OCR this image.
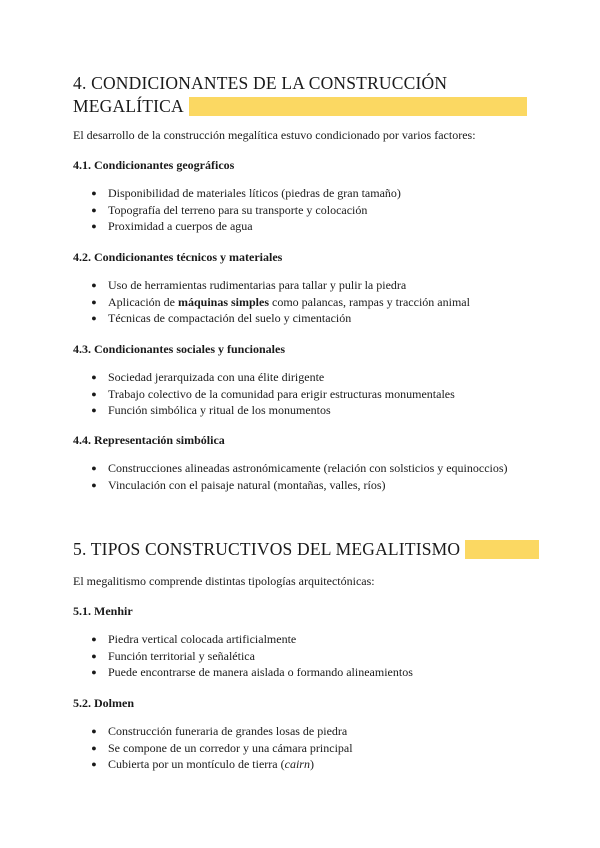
4. CONDICIONANTES DE LA CONSTRUCCIÓN
MEGALÍTICA
El desarrollo de la construcción megalítica estuvo condicionado por varios factores:
4.1. Condicionantes geográficos
● Disponibilidad de materiales líticos (piedras de gran tamaño)
● Topografía del terreno para su transporte y colocación
● Proximidad a cuerpos de agua
4.2. Condicionantes técnicos y materiales
● Uso de herramientas rudimentarias para tallar y pulir la piedra
● Aplicación de máquinas simples como palancas, rampas y tracción animal
● Técnicas de compactación del suelo y cimentación
4.3. Condicionantes sociales y funcionales
● Sociedad jerarquizada con una élite dirigente
● Trabajo colectivo de la comunidad para erigir estructuras monumentales
● Función simbólica y ritual de los monumentos
4.4. Representación simbólica
● Construcciones alineadas astronómicamente (relación con solsticios y equinoccios)
● Vinculación con el paisaje natural (montañas, valles, ríos)
5. TIPOS CONSTRUCTIVOS DEL MEGALITISMO
El megalitismo comprende distintas tipologías arquitectónicas:
5.1. Menhir
● Piedra vertical colocada artificialmente
● Función territorial y señalética
● Puede encontrarse de manera aislada o formando alineamientos
5.2. Dolmen
● Construcción funeraria de grandes losas de piedra
● Se compone de un corredor y una cámara principal
● Cubierta por un montículo de tierra (cairn)
